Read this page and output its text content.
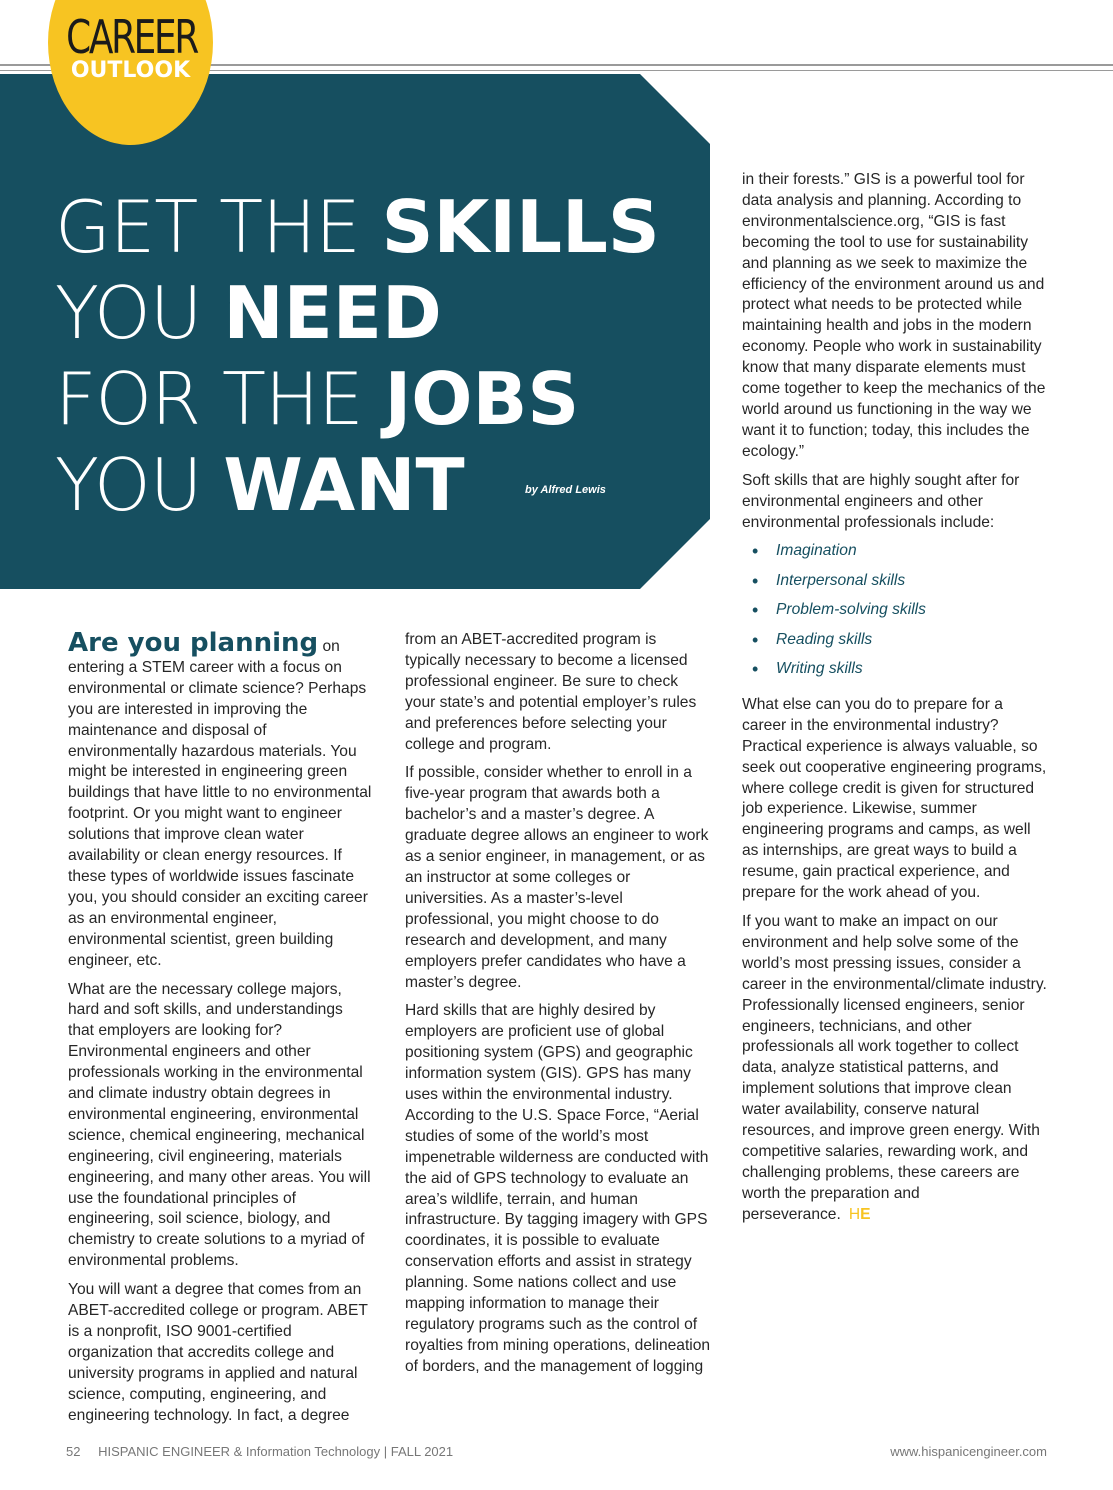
CAREER
OUTLOOK
GET THE SKILLS
YOU NEED
FOR THE JOBS
YOU WANT	by Alfred Lewis

Are you planning on entering a STEM career with a focus on environmental or climate science? Perhaps you are interested in improving the maintenance and disposal of environmentally hazardous materials. You might be interested in engineering green buildings that have little to no environmental footprint. Or you might want to engineer solutions that improve clean water availability or clean energy resources. If these types of worldwide issues fascinate you, you should consider an exciting career as an environmental engineer, environmental scientist, green building engineer, etc.

What are the necessary college majors, hard and soft skills, and understandings that employers are looking for? Environmental engineers and other professionals working in the environmental and climate industry obtain degrees in environmental engineering, environmental science, chemical engineering, mechanical engineering, civil engineering, materials engineering, and many other areas. You will use the foundational principles of engineering, soil science, biology, and chemistry to create solutions to a myriad of environmental problems.

You will want a degree that comes from an ABET-accredited college or program. ABET is a nonprofit, ISO 9001-certified organization that accredits college and university programs in applied and natural science, computing, engineering, and engineering technology. In fact, a degree

from an ABET-accredited program is typically necessary to become a licensed professional engineer. Be sure to check your state’s and potential employer’s rules and preferences before selecting your college and program.

If possible, consider whether to enroll in a five-year program that awards both a bachelor’s and a master’s degree. A graduate degree allows an engineer to work as a senior engineer, in management, or as an instructor at some colleges or universities. As a master’s-level professional, you might choose to do research and development, and many employers prefer candidates who have a master’s degree.

Hard skills that are highly desired by employers are proficient use of global positioning system (GPS) and geographic information system (GIS). GPS has many uses within the environmental industry. According to the U.S. Space Force, “Aerial studies of some of the world’s most impenetrable wilderness are conducted with the aid of GPS technology to evaluate an area’s wildlife, terrain, and human infrastructure. By tagging imagery with GPS coordinates, it is possible to evaluate conservation efforts and assist in strategy planning. Some nations collect and use mapping information to manage their regulatory programs such as the control of royalties from mining operations, delineation of borders, and the management of logging

in their forests.” GIS is a powerful tool for data analysis and planning. According to environmentalscience.org, “GIS is fast becoming the tool to use for sustainability and planning as we seek to maximize the efficiency of the environment around us and protect what needs to be protected while maintaining health and jobs in the modern economy. People who work in sustainability know that many disparate elements must come together to keep the mechanics of the world around us functioning in the way we want it to function; today, this includes the ecology.”

Soft skills that are highly sought after for environmental engineers and other environmental professionals include:

• Imagination
• Interpersonal skills
• Problem-solving skills
• Reading skills
• Writing skills

What else can you do to prepare for a career in the environmental industry? Practical experience is always valuable, so seek out cooperative engineering programs, where college credit is given for structured job experience. Likewise, summer engineering programs and camps, as well as internships, are great ways to build a resume, gain practical experience, and prepare for the work ahead of you.

If you want to make an impact on our environment and help solve some of the world’s most pressing issues, consider a career in the environmental/climate industry. Professionally licensed engineers, senior engineers, technicians, and other professionals all work together to collect data, analyze statistical patterns, and implement solutions that improve clean water availability, conserve natural resources, and improve green energy. With competitive salaries, rewarding work, and challenging problems, these careers are worth the preparation and perseverance. HE

52 HISPANIC ENGINEER & Information Technology | FALL 2021	www.hispanicengineer.com
